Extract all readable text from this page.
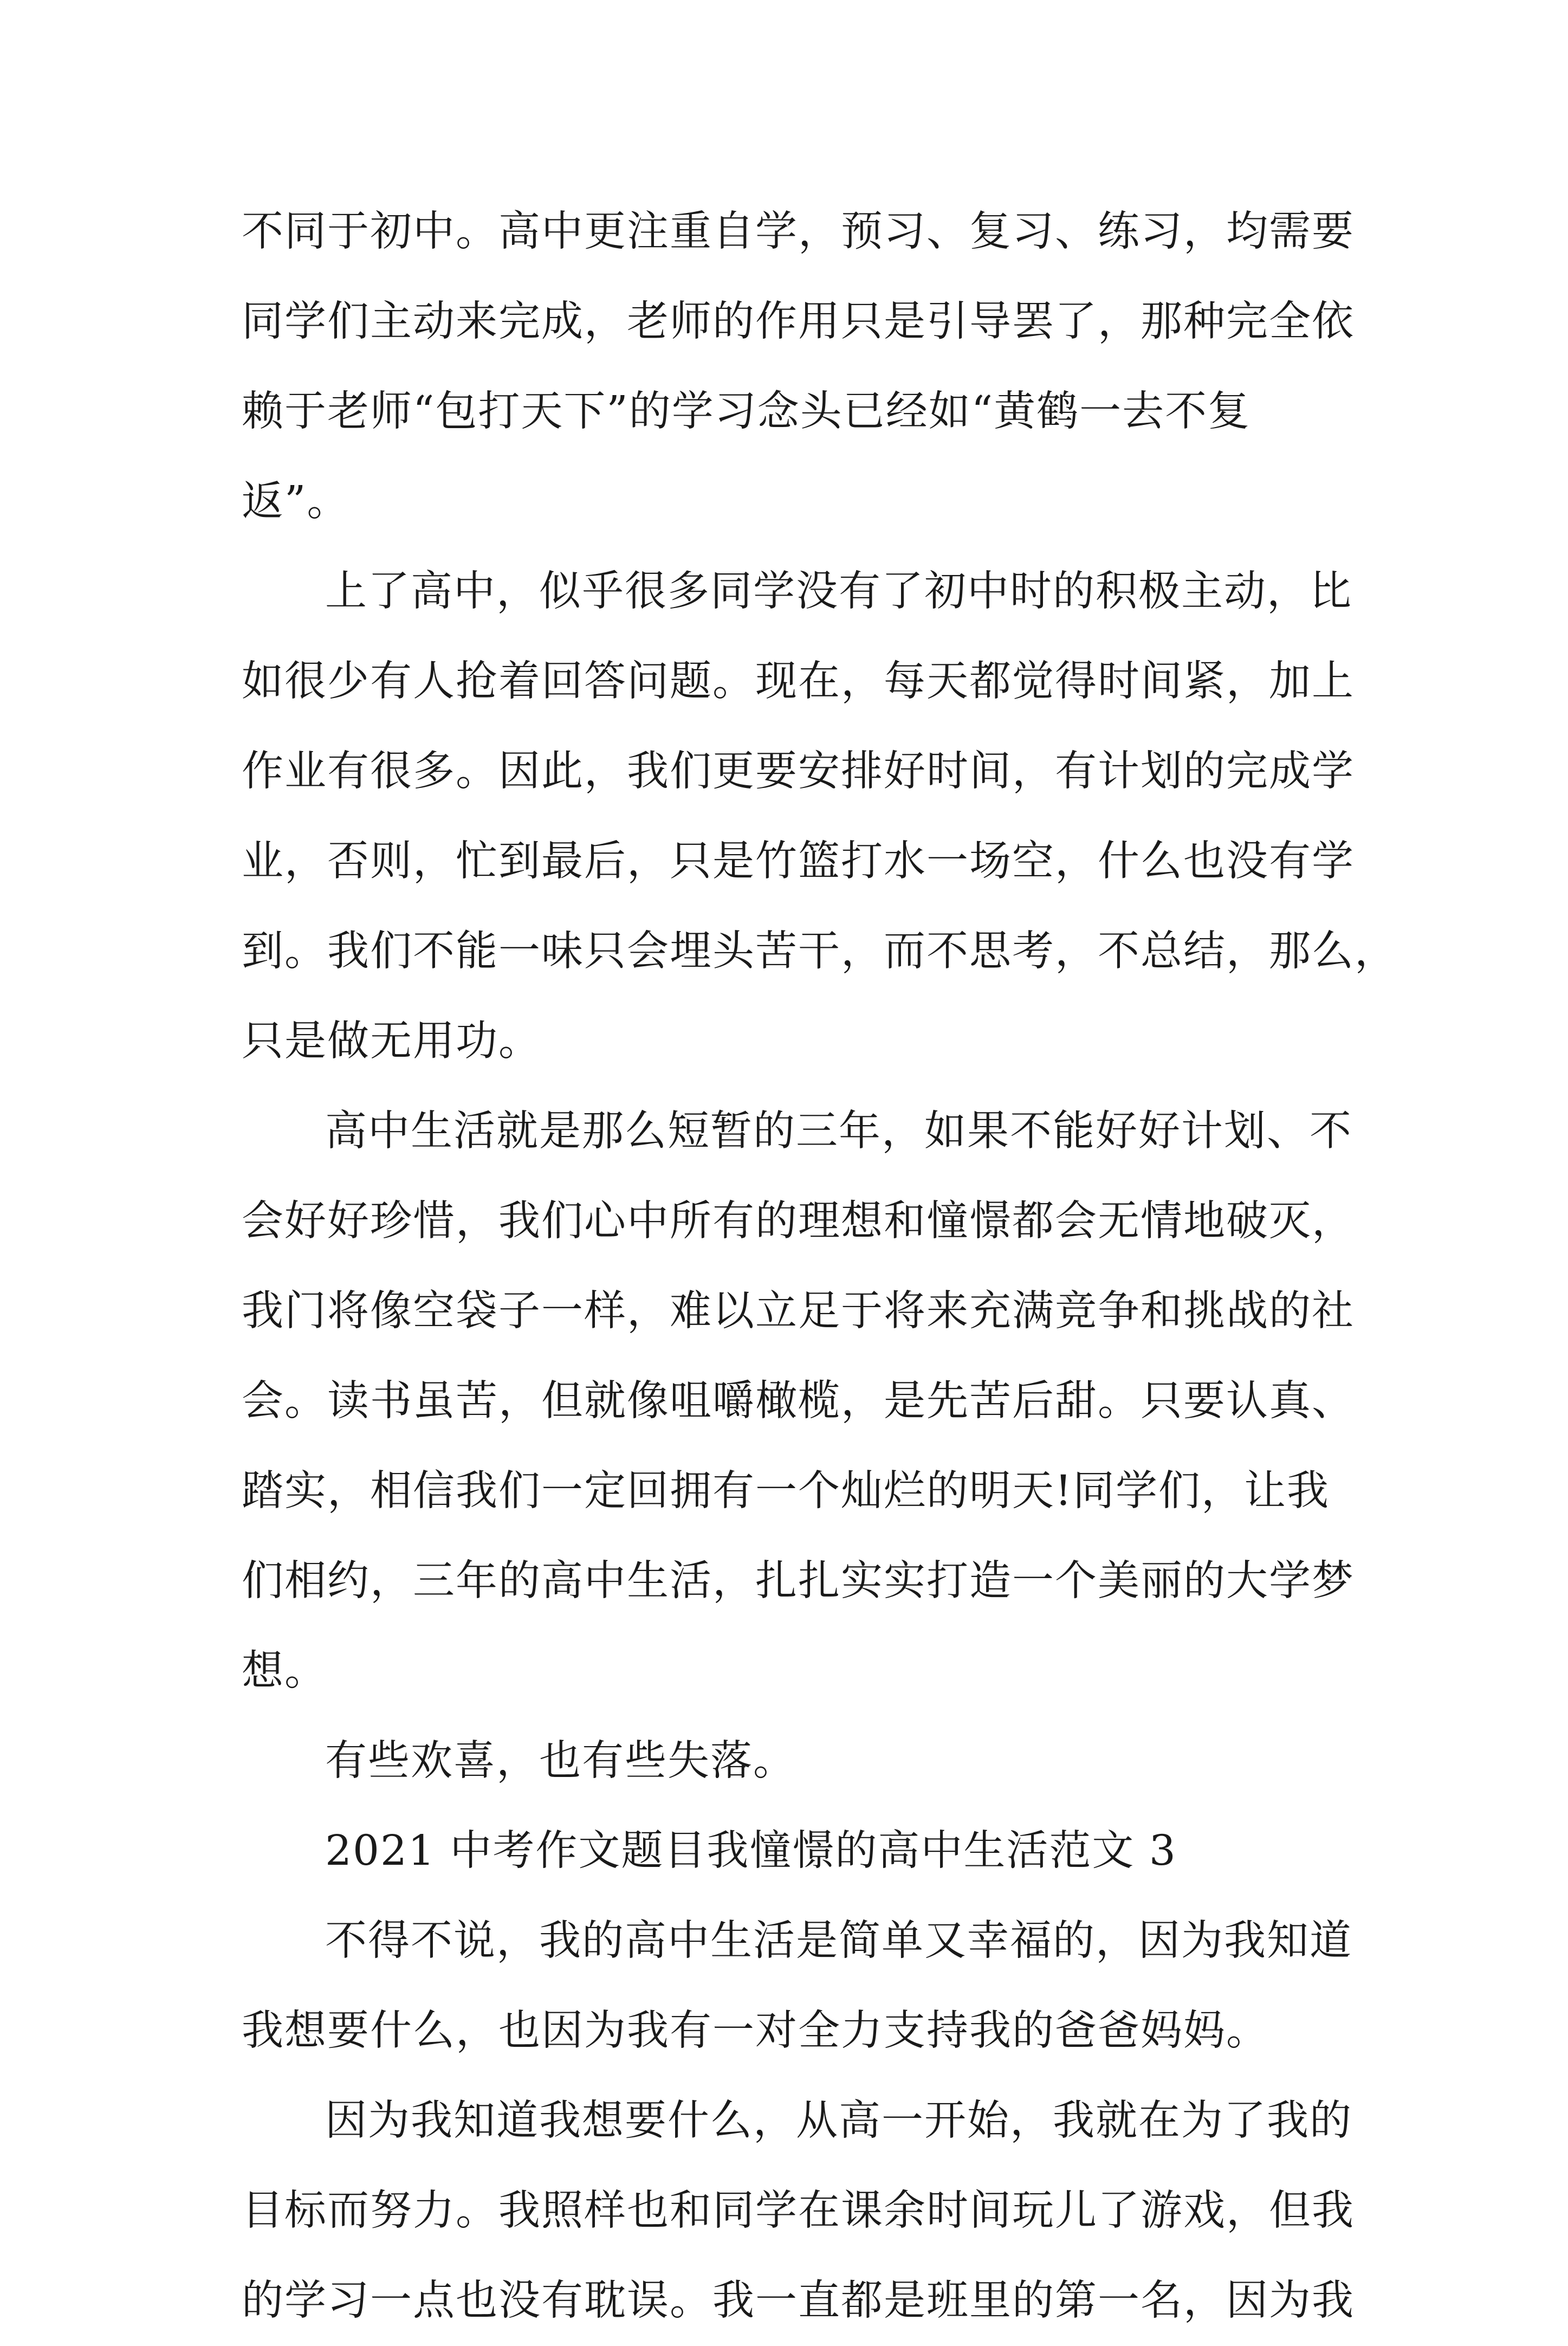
不同于初中。高中更注重自学，预习、复习、练习，均需要
同学们主动来完成，老师的作用只是引导罢了，那种完全依
赖于老师“包打天下”的学习念头已经如“黄鹤一去不复
返”。
上了高中，似乎很多同学没有了初中时的积极主动，比
如很少有人抢着回答问题。现在，每天都觉得时间紧，加上
作业有很多。因此，我们更要安排好时间，有计划的完成学
业，否则，忙到最后，只是竹篮打水一场空，什么也没有学
到。我们不能一味只会埋头苦干，而不思考，不总结，那么，
只是做无用功。
高中生活就是那么短暂的三年，如果不能好好计划、不
会好好珍惜，我们心中所有的理想和憧憬都会无情地破灭，
我门将像空袋子一样，难以立足于将来充满竞争和挑战的社
会。读书虽苦，但就像咀嚼橄榄，是先苦后甜。只要认真、
踏实，相信我们一定回拥有一个灿烂的明天!同学们，让我
们相约，三年的高中生活，扎扎实实打造一个美丽的大学梦
想。
有些欢喜，也有些失落。
2021 中考作文题目我憧憬的高中生活范文 3
不得不说，我的高中生活是简单又幸福的，因为我知道
我想要什么，也因为我有一对全力支持我的爸爸妈妈。
因为我知道我想要什么，从高一开始，我就在为了我的
目标而努力。我照样也和同学在课余时间玩儿了游戏，但我
的学习一点也没有耽误。我一直都是班里的第一名，因为我
